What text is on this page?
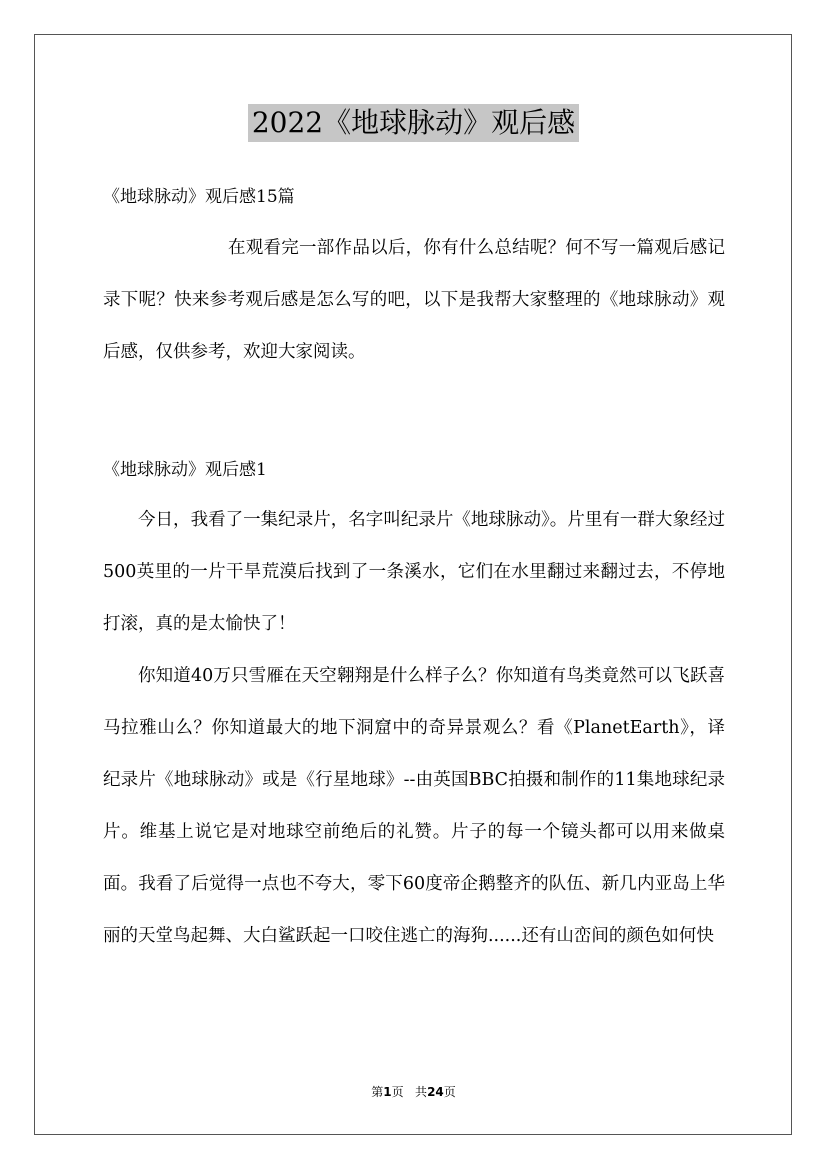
2022《地球脉动》观后感
《地球脉动》观后感15篇

在观看完一部作品以后，你有什么总结呢？何不写一篇观后感记录下呢？快来参考观后感是怎么写的吧，以下是我帮大家整理的《地球脉动》观后感，仅供参考，欢迎大家阅读。

《地球脉动》观后感1

今日，我看了一集纪录片，名字叫纪录片《地球脉动》。片里有一群大象经过500英里的一片干旱荒漠后找到了一条溪水，它们在水里翻过来翻过去，不停地打滚，真的是太愉快了！

你知道40万只雪雁在天空翱翔是什么样子么？你知道有鸟类竟然可以飞跃喜马拉雅山么？你知道最大的地下洞窟中的奇异景观么？看《PlanetEarth》，译纪录片《地球脉动》或是《行星地球》--由英国BBC拍摄和制作的11集地球纪录片。维基上说它是对地球空前绝后的礼赞。片子的每一个镜头都可以用来做桌面。我看了后觉得一点也不夸大，零下60度帝企鹅整齐的队伍、新几内亚岛上华丽的天堂鸟起舞、大白鲨跃起一口咬住逃亡的海狗......还有山峦间的颜色如何快

第1页 共24页
